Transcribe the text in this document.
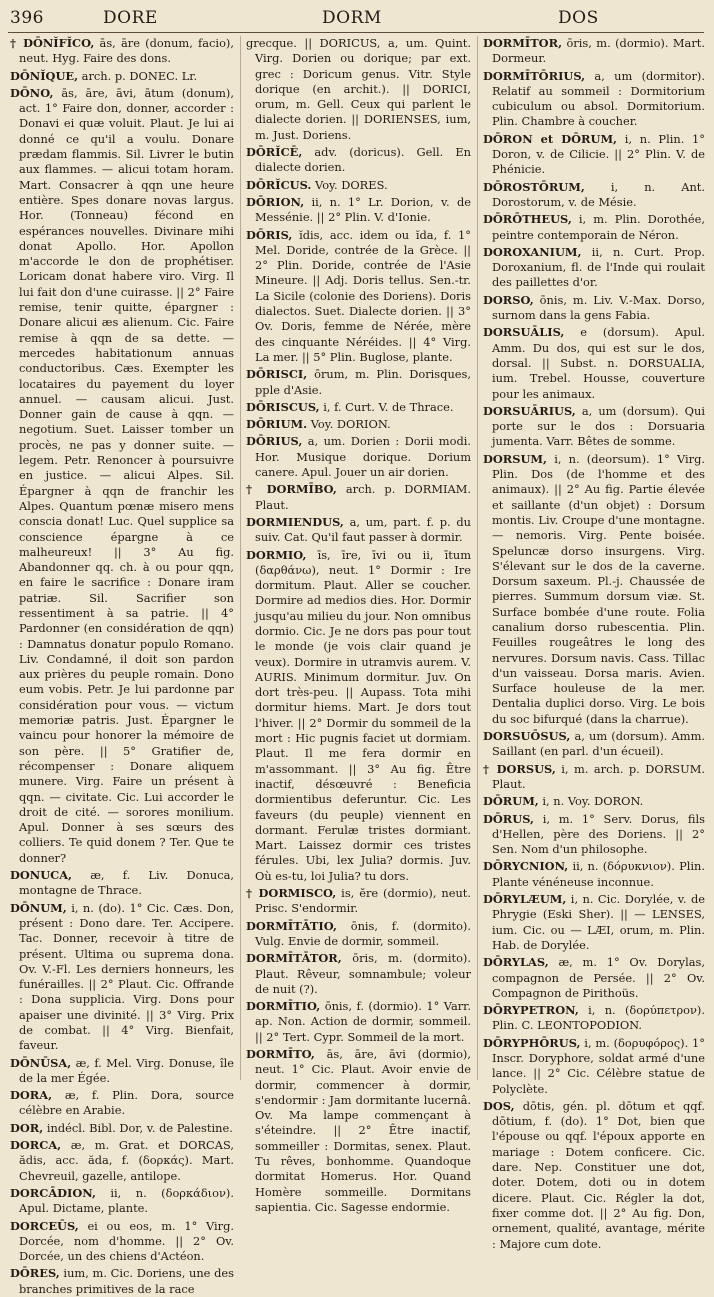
396	DORE	DORM	DOS

† DŌNĬFĬCO, ās, āre (donum, facio), neut. Hyg. Faire des dons.

DŌNĬQUE, arch. p. DONEC. Lr.

DŌNO, ās, āre, āvi, ātum (donum), act. 1° Faire don, donner, accorder : Donavi ei quæ voluit. Plaut. Je lui ai donné ce qu'il a voulu. Donare prædam flammis. Sil. Livrer le butin aux flammes. — alicui totam horam. Mart. Consacrer à qqn une heure entière. Spes donare novas largus. Hor. (Tonneau) fécond en espérances nouvelles. Divinare mihi donat Apollo. Hor. Apollon m'accorde le don de prophétiser. Loricam donat habere viro. Virg. Il lui fait don d'une cuirasse. || 2° Faire remise, tenir quitte, épargner : Donare alicui æs alienum. Cic. Faire remise à qqn de sa dette. — mercedes habitationum annuas conductoribus. Cæs. Exempter les locataires du payement du loyer annuel. — causam alicui. Just. Donner gain de cause à qqn. — negotium. Suet. Laisser tomber un procès, ne pas y donner suite. — legem. Petr. Renoncer à poursuivre en justice. — alicui Alpes. Sil. Épargner à qqn de franchir les Alpes. Quantum pœnæ misero mens conscia donat! Luc. Quel supplice sa conscience épargne à ce malheureux! || 3° Au fig. Abandonner qq. ch. à ou pour qqn, en faire le sacrifice : Donare iram patriæ. Sil. Sacrifier son ressentiment à sa patrie. || 4° Pardonner (en considération de qqn) : Damnatus donatur populo Romano. Liv. Condamné, il doit son pardon aux prières du peuple romain. Dono eum vobis. Petr. Je lui pardonne par considération pour vous. — victum memoriæ patris. Just. Épargner le vaincu pour honorer la mémoire de son père. || 5° Gratifier de, récompenser : Donare aliquem munere. Virg. Faire un présent à qqn. — civitate. Cic. Lui accorder le droit de cité. — sorores monilium. Apul. Donner à ses sœurs des colliers. Te quid donem ? Ter. Que te donner?

DONUCA, æ, f. Liv. Donuca, montagne de Thrace.

DŌNUM, i, n. (do). 1° Cic. Cæs. Don, présent : Dono dare. Ter. Accipere. Tac. Donner, recevoir à titre de présent. Ultima ou suprema dona. Ov. V.-Fl. Les derniers honneurs, les funérailles. || 2° Plaut. Cic. Offrande : Dona supplicia. Virg. Dons pour apaiser une divinité. || 3° Virg. Prix de combat. || 4° Virg. Bienfait, faveur.

DŌNŪSA, æ, f. Mel. Virg. Donuse, île de la mer Égée.

DORA, æ, f. Plin. Dora, source célèbre en Arabie.

DOR, indécl. Bibl. Dor, v. de Palestine.

DORCA, æ, m. Grat. et DORCAS, ădis, acc. ăda, f. (δορκάς). Mart. Chevreuil, gazelle, antilope.

DORCĀDION, ii, n. (δορκάδιον). Apul. Dictame, plante.

DORCEŪS, ei ou eos, m. 1° Virg. Dorcée, nom d'homme. || 2° Ov. Dorcée, un des chiens d'Actéon.

DŌRES, ium, m. Cic. Doriens, une des branches primitives de la race

grecque. || DORICUS, a, um. Quint. Virg. Dorien ou dorique; par ext. grec : Doricum genus. Vitr. Style dorique (en archit.). || DORICI, orum, m. Gell. Ceux qui parlent le dialecte dorien. || DORIENSES, ium, m. Just. Doriens.

DŌRĬCĒ, adv. (doricus). Gell. En dialecte dorien.

DŌRĬCUS. Voy. DORES.

DŌRION, ii, n. 1° Lr. Dorion, v. de Messénie. || 2° Plin. V. d'Ionie.

DŌRIS, ĭdis, acc. idem ou ĭda, f. 1° Mel. Doride, contrée de la Grèce. || 2° Plin. Doride, contrée de l'Asie Mineure. || Adj. Doris tellus. Sen.-tr. La Sicile (colonie des Doriens). Doris dialectos. Suet. Dialecte dorien. || 3° Ov. Doris, femme de Nérée, mère des cinquante Néréides. || 4° Virg. La mer. || 5° Plin. Buglose, plante.

DŌRISCI, ōrum, m. Plin. Dorisques, pple d'Asie.

DŌRISCUS, i, f. Curt. V. de Thrace.

DŌRIUM. Voy. DORION.

DŌRIUS, a, um. Dorien : Dorii modi. Hor. Musique dorique. Dorium canere. Apul. Jouer un air dorien.

† DORMĪBO, arch. p. DORMIAM. Plaut.

DORMIENDUS, a, um, part. f. p. du suiv. Cat. Qu'il faut passer à dormir.

DORMIO, īs, īre, īvi ou ii, ītum (δαρθάνω), neut. 1° Dormir : Ire dormitum. Plaut. Aller se coucher. Dormire ad medios dies. Hor. Dormir jusqu'au milieu du jour. Non omnibus dormio. Cic. Je ne dors pas pour tout le monde (je vois clair quand je veux). Dormire in utramvis aurem. V. AURIS. Minimum dormitur. Juv. On dort très-peu. || Aupass. Tota mihi dormitur hiems. Mart. Je dors tout l'hiver. || 2° Dormir du sommeil de la mort : Hic pugnis faciet ut dormiam. Plaut. Il me fera dormir en m'assommant. || 3° Au fig. Être inactif, désœuvré : Beneficia dormientibus deferuntur. Cic. Les faveurs (du peuple) viennent en dormant. Ferulæ tristes dormiant. Mart. Laissez dormir ces tristes férules. Ubi, lex Julia? dormis. Juv. Où es-tu, loi Julia? tu dors.

† DORMISCO, is, ĕre (dormio), neut. Prisc. S'endormir.

DORMĪTĀTIO, ōnis, f. (dormito). Vulg. Envie de dormir, sommeil.

DORMĪTĀTOR, ōris, m. (dormito). Plaut. Rêveur, somnambule; voleur de nuit (?).

DORMĪTIO, ōnis, f. (dormio). 1° Varr. ap. Non. Action de dormir, sommeil. || 2° Tert. Cypr. Sommeil de la mort.

DORMĪTO, ās, āre, āvi (dormio), neut. 1° Cic. Plaut. Avoir envie de dormir, commencer à dormir, s'endormir : Jam dormitante lucernâ. Ov. Ma lampe commençant à s'éteindre. || 2° Être inactif, sommeiller : Dormitas, senex. Plaut. Tu rêves, bonhomme. Quandoque dormitat Homerus. Hor. Quand Homère sommeille. Dormitans sapientia. Cic. Sagesse endormie.

DORMĪTOR, ōris, m. (dormio). Mart. Dormeur.

DORMĪTŌRIUS, a, um (dormitor). Relatif au sommeil : Dormitorium cubiculum ou absol. Dormitorium. Plin. Chambre à coucher.

DŌRON et DŌRUM, i, n. Plin. 1° Doron, v. de Cilicie. || 2° Plin. V. de Phénicie.

DŌROSTŌRUM, i, n. Ant. Dorostorum, v. de Mésie.

DŌRŌTHEUS, i, m. Plin. Dorothée, peintre contemporain de Néron.

DOROXANIUM, ii, n. Curt. Prop. Doroxanium, fl. de l'Inde qui roulait des paillettes d'or.

DORSO, ōnis, m. Liv. V.-Max. Dorso, surnom dans la gens Fabia.

DORSUĀLIS, e (dorsum). Apul. Amm. Du dos, qui est sur le dos, dorsal. || Subst. n. DORSUALIA, ium. Trebel. Housse, couverture pour les animaux.

DORSUĀRIUS, a, um (dorsum). Qui porte sur le dos : Dorsuaria jumenta. Varr. Bêtes de somme.

DORSUM, i, n. (deorsum). 1° Virg. Plin. Dos (de l'homme et des animaux). || 2° Au fig. Partie élevée et saillante (d'un objet) : Dorsum montis. Liv. Croupe d'une montagne. — nemoris. Virg. Pente boisée. Speluncæ dorso insurgens. Virg. S'élevant sur le dos de la caverne. Dorsum saxeum. Pl.-j. Chaussée de pierres. Summum dorsum viæ. St. Surface bombée d'une route. Folia canalium dorso rubescentia. Plin. Feuilles rougeâtres le long des nervures. Dorsum navis. Cass. Tillac d'un vaisseau. Dorsa maris. Avien. Surface houleuse de la mer. Dentalia duplici dorso. Virg. Le bois du soc bifurqué (dans la charrue).

DORSUŌSUS, a, um (dorsum). Amm. Saillant (en parl. d'un écueil).

† DORSUS, i, m. arch. p. DORSUM. Plaut.

DŌRUM, i, n. Voy. DORON.

DŌRUS, i, m. 1° Serv. Dorus, fils d'Hellen, père des Doriens. || 2° Sen. Nom d'un philosophe.

DŌRYCNION, ii, n. (δόρυκνιον). Plin. Plante vénéneuse inconnue.

DŌRYLÆUM, i, n. Cic. Dorylée, v. de Phrygie (Eski Sher). || — LENSES, ium. Cic. ou — LÆI, orum, m. Plin. Hab. de Dorylée.

DŌRYLAS, æ, m. 1° Ov. Dorylas, compagnon de Persée. || 2° Ov. Compagnon de Pirithoüs.

DŌRYPETRON, i, n. (δορύπετρον). Plin. C. LEONTOPODION.

DŌRYPHŌRUS, i, m. (δορυφόρος). 1° Inscr. Doryphore, soldat armé d'une lance. || 2° Cic. Célèbre statue de Polyclète.

DOS, dōtis, gén. pl. dōtum et qqf. dōtium, f. (do). 1° Dot, bien que l'épouse ou qqf. l'époux apporte en mariage : Dotem conficere. Cic. dare. Nep. Constituer une dot, doter. Dotem, doti ou in dotem dicere. Plaut. Cic. Régler la dot, fixer comme dot. || 2° Au fig. Don, ornement, qualité, avantage, mérite : Majore cum dote.
